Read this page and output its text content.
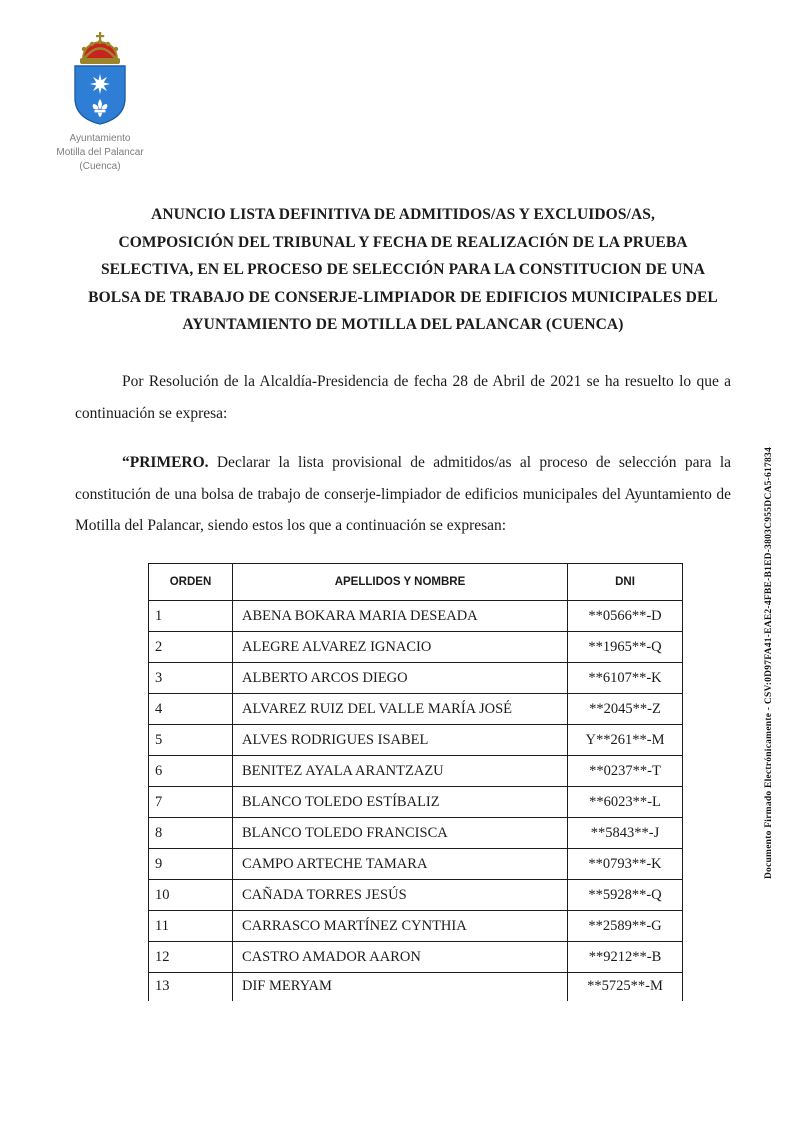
Ayuntamiento
Motilla del Palancar
(Cuenca)
ANUNCIO LISTA DEFINITIVA DE ADMITIDOS/AS Y EXCLUIDOS/AS,
COMPOSICIÓN DEL TRIBUNAL Y FECHA DE REALIZACIÓN DE LA PRUEBA
SELECTIVA, EN EL PROCESO DE SELECCIÓN PARA LA CONSTITUCION DE UNA
BOLSA DE TRABAJO DE CONSERJE-LIMPIADOR DE EDIFICIOS MUNICIPALES DEL
AYUNTAMIENTO DE MOTILLA DEL PALANCAR (CUENCA)

Por Resolución de la Alcaldía-Presidencia de fecha 28 de Abril de 2021 se ha resuelto lo que a continuación se expresa:

“PRIMERO. Declarar la lista provisional de admitidos/as al proceso de selección para la constitución de una bolsa de trabajo de conserje-limpiador de edificios municipales del Ayuntamiento de Motilla del Palancar, siendo estos los que a continuación se expresan:

ORDEN	APELLIDOS Y NOMBRE	DNI
1	ABENA BOKARA MARIA DESEADA	**0566**-D
2	ALEGRE ALVAREZ IGNACIO	**1965**-Q
3	ALBERTO ARCOS DIEGO	**6107**-K
4	ALVAREZ RUIZ DEL VALLE MARÍA JOSÉ	**2045**-Z
5	ALVES RODRIGUES ISABEL	Y**261**-M
6	BENITEZ AYALA ARANTZAZU	**0237**-T
7	BLANCO TOLEDO ESTÍBALIZ	**6023**-L
8	BLANCO TOLEDO FRANCISCA	**5843**-J
9	CAMPO ARTECHE TAMARA	**0793**-K
10	CAÑADA TORRES JESÚS	**5928**-Q
11	CARRASCO MARTÍNEZ CYNTHIA	**2589**-G
12	CASTRO AMADOR AARON	**9212**-B
13	DIF MERYAM	**5725**-M
Documento Firmado Electrónicamente - CSV:0D97FA41-EAE2-4FBE-B1ED-3803C955DCA5-617834
